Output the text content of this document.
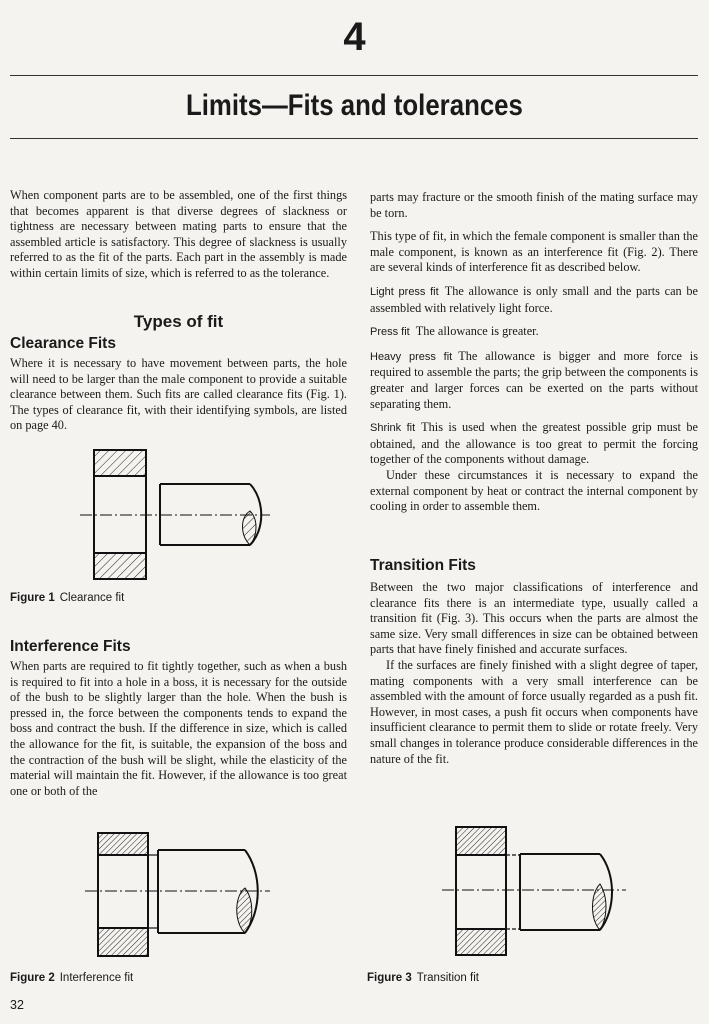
4
Limits—Fits and tolerances

When component parts are to be assembled, one of the first things that becomes apparent is that diverse degrees of slackness or tightness are necessary between mating parts to ensure that the assembled article is satisfactory. This degree of slackness is usually referred to as the fit of the parts. Each part in the assembly is made within certain limits of size, which is referred to as the tolerance.

Types of fit
Clearance Fits

Where it is necessary to have movement between parts, the hole will need to be larger than the male component to provide a suitable clearance between them. Such fits are called clearance fits (Fig. 1). The types of clearance fit, with their identifying symbols, are listed on page 40.

Figure 1 Clearance fit
Interference Fits

When parts are required to fit tightly together, such as when a bush is required to fit into a hole in a boss, it is necessary for the outside of the bush to be slightly larger than the hole. When the bush is pressed in, the force between the components tends to expand the boss and contract the bush. If the difference in size, which is called the allowance for the fit, is suitable, the expansion of the boss and the contraction of the bush will be slight, while the elasticity of the material will maintain the fit. However, if the allowance is too great one or both of the

parts may fracture or the smooth finish of the mating surface may be torn.

This type of fit, in which the female component is smaller than the male component, is known as an interference fit (Fig. 2). There are several kinds of interference fit as described below.

Light press fit The allowance is only small and the parts can be assembled with relatively light force.

Press fit The allowance is greater.

Heavy press fit The allowance is bigger and more force is required to assemble the parts; the grip between the components is greater and larger forces can be exerted on the parts without separating them.

Shrink fit This is used when the greatest possible grip must be obtained, and the allowance is too great to permit the forcing together of the components without damage.

Under these circumstances it is necessary to expand the external component by heat or contract the internal component by cooling in order to assemble them.

Transition Fits

Between the two major classifications of interference and clearance fits there is an intermediate type, usually called a transition fit (Fig. 3). This occurs when the parts are almost the same size. Very small differences in size can be obtained between parts that have finely finished and accurate surfaces.

If the surfaces are finely finished with a slight degree of taper, mating components with a very small interference can be assembled with the amount of force usually regarded as a push fit. However, in most cases, a push fit occurs when components have insufficient clearance to permit them to slide or rotate freely. Very small changes in tolerance produce considerable differences in the nature of the fit.

Figure 2 Interference fit	Figure 3 Transition fit
32
